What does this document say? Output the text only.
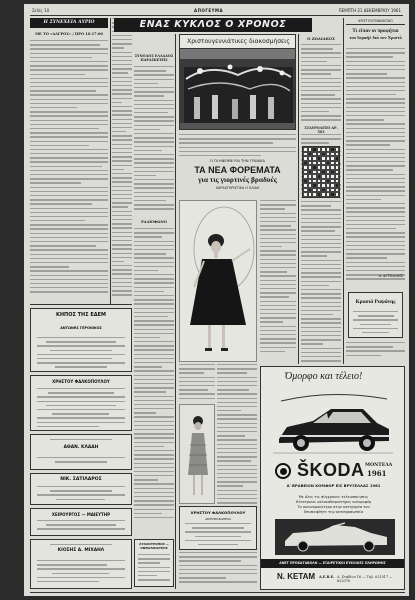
Σελίς 10	ΑΠΟΓΕΥΜΑ	ΠΕΜΠΤΗ 21 ΔΕΚΕΜΒΡΙΟΥ 1961
Η ΣΥΝΕΧΕΙΑ ΑΥΡΙΟ
ΜΕ ΤΟ «ΑΛΓΡΟΣ» / ΠΡΟ 10.17.00
ΚΗΠΟΣ ΤΗΣ ΕΔΕΜ
ΑΝΤΩΝΗΣ ΓΕΡΟΝΙΚΟΣ
ΧΡΗΣΤΟΥ ΦΑΛΚΟΠΟΥΛΟΥ
ΑΘΑΝ. ΚΛΑΔΗ
ΝΙΚ. ΣΑΤΙΛΑΡΟΣ
ΧΕΙΡΟΥΡΓΟΣ — ΜΑΙΕΥΤΗΡ
ΚΙΟΣΗΣ Α. ΜΙΧΑΗΛ
ΕΝΑΣ ΚΥΚΛΟΣ Ο ΧΡΟΝΟΣ
ΣΥΝΟΔΟΣ ΕΛΛΑΔΟΣ ΠΑΡΑΣΚΕΥΗΣ
ΡΑΔΙΟΦΩΝΟ
ΑΥΑΛΟΤΡΟΠΟΣ — ΟΦΘΑΛΜΙΑΤΡΟΣ
Χριστουγεννιάτικες διακοσμήσεις
Ο ΠΙ ΗΝΕΙΜΕ ΡΑΙ ΤΗΝ ΓΥΝΑΙΚΑ
ΤΑ ΝΕΑ ΦΟΡΕΜΑΤΑ
για τις γιορτινές βραδυές
ΧΑΡΑΚΤΗΡΙΣΤΙΚΑ Η ΧΛΙΔΗ
ΧΡΗΣΤΟΥ ΦΑΛΚΟΠΟΥΛΟΥ
ΑΝΤΙΠΡΟΣΩΠΕΙΑΙ
Ο ΖΩΔΙΑΚΟΣ
ΣΤΑΥΡΟΛΕΞΟ ΑΡ. 503
ΧΡΙΣΤΟΥΓΕΝΝΙΑΤΙΚΟ
Τι είπαν οι προφήται
του Ισραήλ διά τον Χριστό
Α. ΑΓΓΕΛΙΔΗΣ
Κρασιά Ραψάνης
Όμορφο και τέλειο!
ŠKODA ΜΟΝΤΕΛΑ
1961
Α' ΒΡΑΒΕΙΟΝ ΚΟΜΦΟΡ ΕΙΣ ΒΡΥΞΕΛΛΑΣ 1961
Με όλες τις σύγχρονες τελειοποιήσεις
Ηλεκτρικοί υαλοκαθαριστήρες καλοριφέρ
Το οικονομικώτερο στην κατηγορία του
Επισκεφθήτε την αντιπροσωπεία
ΑΝΕΤ ΠΡΟΚΑΤΑΒΟΛΗ — ΕΞΑΙΡΕΤΙΚΟΙ ΕΥΚΟΛΙΕΣ ΠΛΗΡΩΜΗΣ
Ν. ΚΕΤΑΜ Α.Ε.Β.Ε. Δ. Σταδίου 16 — Τηλ. 621017 — 622078
